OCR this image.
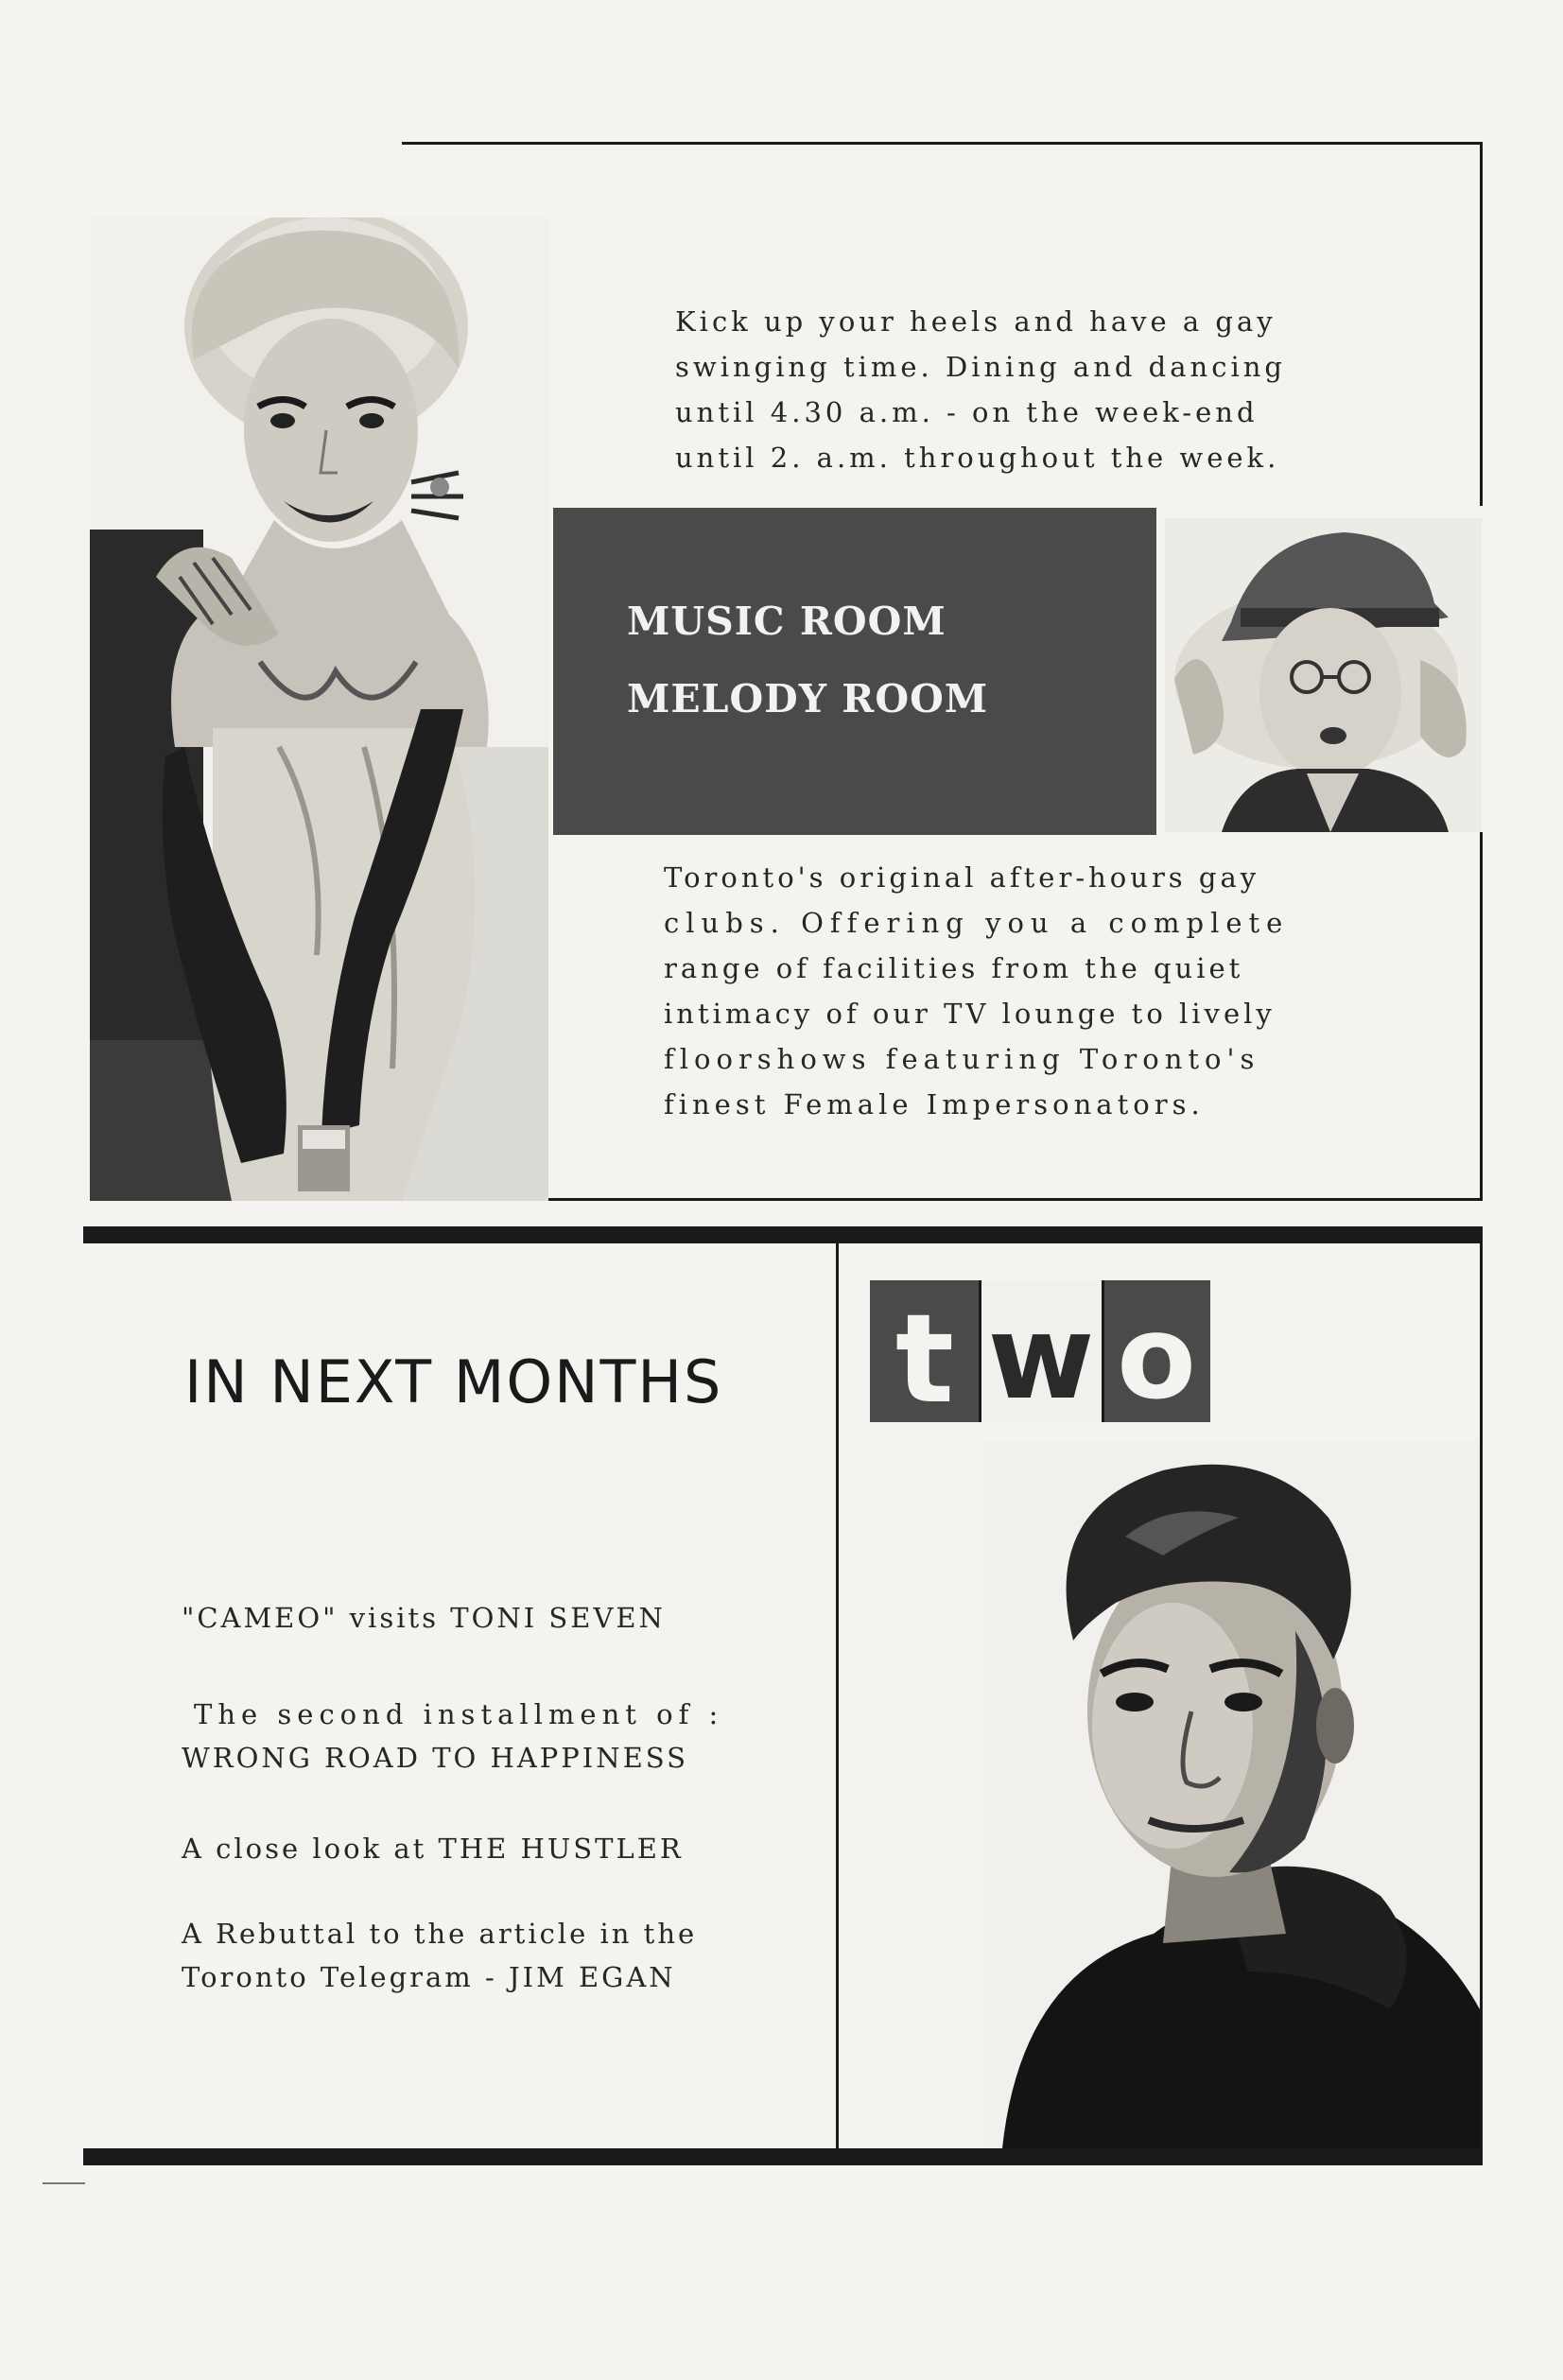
Kick up your heels and have a gay

swinging time. Dining and dancing

until 4.30 a.m. - on the week-end

until 2. a.m. throughout the week.

MUSIC ROOM

MELODY ROOM

Toronto's original after-hours gay

clubs. Offering you a complete

range of facilities from the quiet

intimacy of our TV lounge to lively

floorshows featuring Toronto's

finest Female Impersonators.

IN NEXT MONTHS t w o

"CAMEO" visits TONI SEVEN

The second installment of :

WRONG ROAD TO HAPPINESS

A close look at THE HUSTLER

A Rebuttal to the article in the

Toronto Telegram - JIM EGAN
